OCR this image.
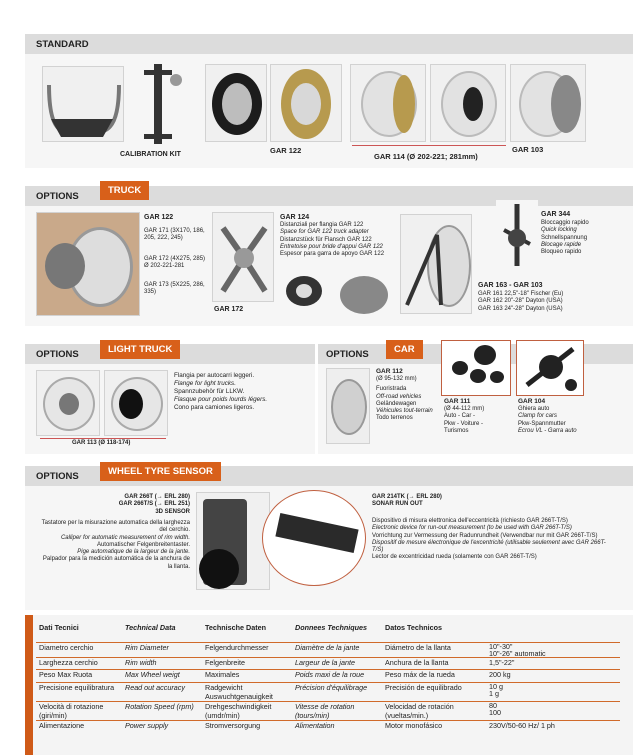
STANDARD
CALIBRATION KIT	GAR 122
GAR 114 (Ø 202-221; 281mm)
GAR 103
OPTIONS
TRUCK
GAR 122
GAR 171 (3X170, 186, 205, 222, 245)
GAR 172 (4X275, 285) Ø 202-221-281
GAR 173 (5X225, 286, 335)
GAR 172
GAR 124
Distanziali per flangia GAR 122
Space for GAR 122 truck adapter
Distanzstück für Flansch GAR 122
Entretoise pour bride d'appui GAR 122
Espesor para garra de apoyo GAR 122
GAR 344
Bloccaggio rapido
Quick locking
Schnellspannung
Blocage rapide
Bloqueo rapido
GAR 163 - GAR 103
GAR 161 22,5"-18" Fischer (Eu)
GAR 162 20"-28" Dayton (USA)
GAR 163 24"-28" Dayton (USA)
OPTIONS	LIGHT TRUCK
GAR 113 (Ø 118-174)
Flangia per autocarri leggeri.
Flange for light trucks.
Spannzubehör für LLKW.
Flasque pour poids lourds légers.
Cono para camiones ligeros.
OPTIONS	CAR
GAR 112
(Ø 95-132 mm)
Fuoristrada
Off-road vehicles
Geländewagen
Véhicules tout-terrain
Todo terrenos
GAR 111
(Ø 44-112 mm)
Auto - Car -
Pkw - Voiture -
Turismos
GAR 104
Ghiera auto
Clamp for cars
Pkw-Spannmutter
Ecrou VL - Garra auto
OPTIONS	WHEEL TYRE SENSOR
GAR 266T (→ ERL 280)
GAR 266T/S (→ ERL 251)
3D SENSOR
Tastatore per la misurazione automatica della larghezza del cerchio.
Calliper for automatic measurement of rim width.
Automatischer Felgenbreitentaster.
Pige automatique de la largeur de la jante.
Palpador para la medición automática de la anchura de la llanta.
GAR 214TK (→ ERL 280)
SONAR RUN OUT
Dispositivo di misura elettronica dell'eccentricità (richiesto GAR 266T-T/S)
Electronic device for run-out measurement (to be used with GAR 266T-T/S)
Vorrichtung zur Vermessung der Radunrundheit (Verwendbar nur mit GAR 266T-T/S)
Dispositif de mesure électronique de l'excentricité (utilisable seulement avec GAR 266T-T/S)
Lector de excentricidad rueda (solamente con GAR 266T-T/S)
Dati Tecnici	Technical Data	Technische Daten	Donnees Techniques	Datos Technicos	
Diametro cerchio	Rim Diameter	Felgendurchmesser	Diamètre de la jante	Diámetro de la llanta	10"-30"
10"-26" automatic
Larghezza cerchio	Rim width	Felgenbreite	Largeur de la jante	Anchura de la llanta	1,5"-22"
Peso Max Ruota	Max Wheel weigt	Maximales	Poids maxi de la roue	Peso máx de la rueda	200 kg
Precisione equilibratura	Read out accuracy	Radgewicht Auswuchtgenauigkeit	Précision d'équilibrage	Precisión de equilibrado	10 g
1 g
Velocità di rotazione (giri/min)	Rotation Speed (rpm)	Drehgeschwindigkeit (umdr/min)	Vitesse de rotation (tours/min)	Velocidad de rotación (vueltas/min.)	80
100
Alimentazione	Power supply	Stromversorgung	Alimentation	Motor monofásico	230V/50-60 Hz/ 1 ph
